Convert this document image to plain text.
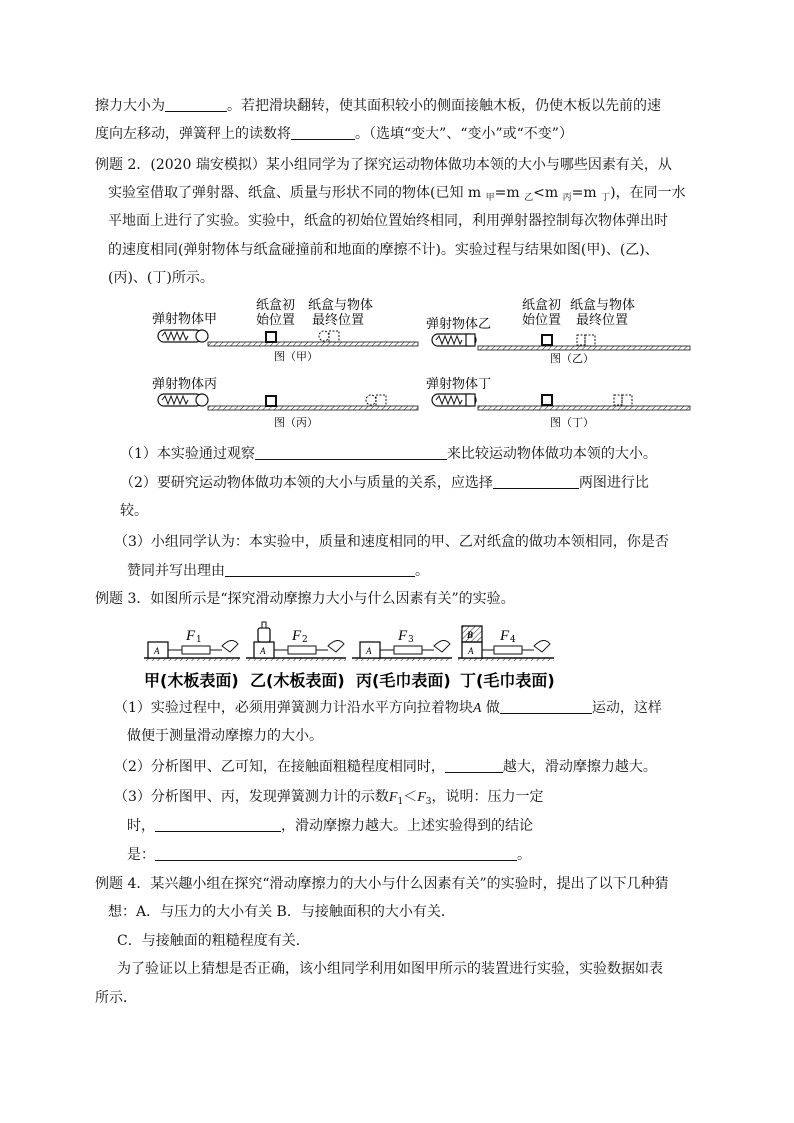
擦力大小为	。若把滑块翻转，使其面积较小的侧面接触木板，仍使木板以先前的速
度向左移动，弹簧秤上的读数将	。（选填“变大”、“变小”或“不变”）
例题 2．(2020 瑞安模拟）某小组同学为了探究运动物体做功本领的大小与哪些因素有关，从
实验室借取了弹射器、纸盒、质量与形状不同的物体(已知 m $_甲$=m $_乙$<m $_丙$=m $_丁$)，在同一水
平地面上进行了实验。实验中，纸盒的初始位置始终相同，利用弹射器控制每次物体弹出时
的速度相同(弹射物体与纸盒碰撞前和地面的摩擦不计)。实验过程与结果如图(甲)、(乙)、
(丙)、(丁)所示。
弹射物体甲
纸盒初
始位置
纸盒与物体
最终位置
图（甲）
弹射物体丙
图（丙）
弹射物体乙
纸盒初
始位置
纸盒与物体
最终位置
图（乙）
弹射物体丁
图（丁）
（1）本实验通过观察	来比较运动物体做功本领的大小。
（2）要研究运动物体做功本领的大小与质量的关系，应选择	两图进行比
较。
（3）小组同学认为：本实验中，质量和速度相同的甲、乙对纸盒的做功本领相同，你是否
赞同并写出理由	。
例题 3．如图所示是“探究滑动摩擦力大小与什么因素有关”的实验。
A
F 1
A
F 2
A
F 3
A
B F 4
甲(木板表面) 乙(木板表面) 丙(毛巾表面) 丁(毛巾表面)
（1）实验过程中，必须用弹簧测力计沿水平方向拉着物块A 做	运动，这样
做便于测量滑动摩擦力的大小。
（2）分析图甲、乙可知，在接触面粗糙程度相同时，	越大，滑动摩擦力越大。
（3）分析图甲、丙，发现弹簧测力计的示数$F_1<F_3$，说明：压力一定
时，	，滑动摩擦力越大。上述实验得到的结论
是：	。
例题 4．某兴趣小组在探究“滑动摩擦力的大小与什么因素有关”的实验时，提出了以下几种猜
想：A．与压力的大小有关 B．与接触面积的大小有关．
C．与接触面的粗糙程度有关．
为了验证以上猜想是否正确，该小组同学利用如图甲所示的装置进行实验，实验数据如表
所示．
